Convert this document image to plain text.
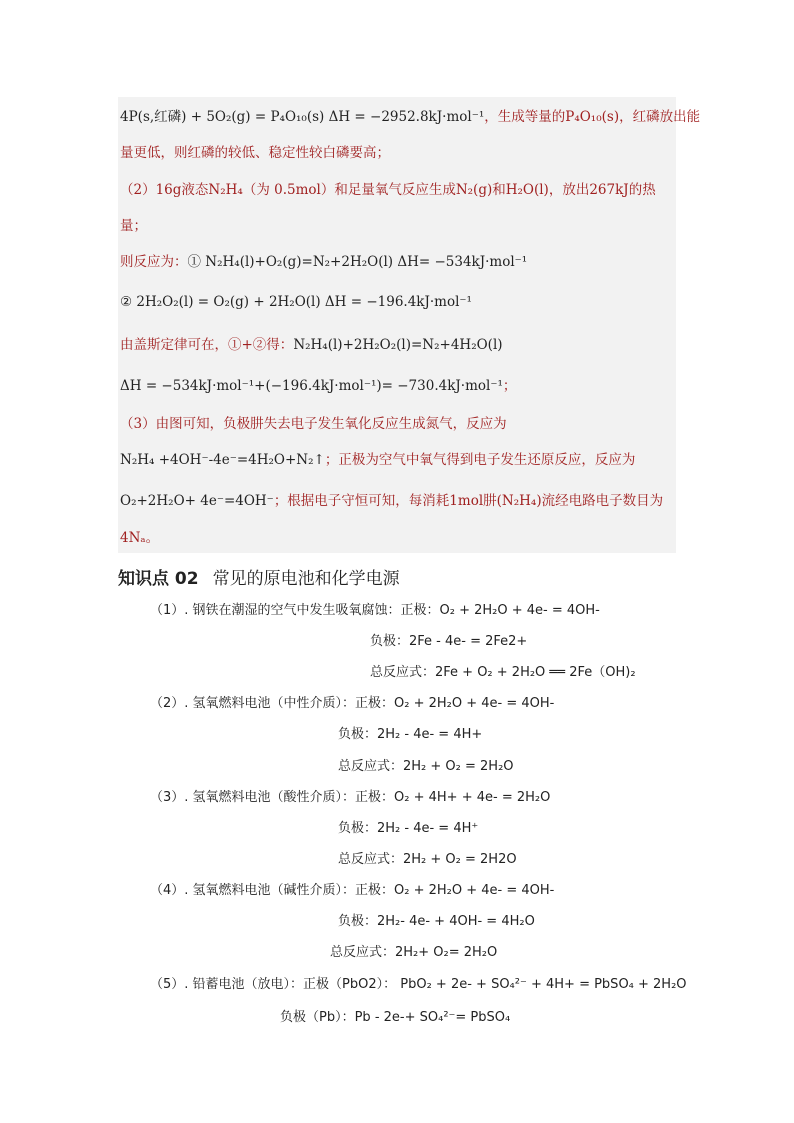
4P(s,红磷) + 5O₂(g) = P₄O₁₀(s) ΔH = −2952.8kJ·mol⁻¹，生成等量的P₄O₁₀(s)，红磷放出能
量更低，则红磷的较低、稳定性较白磷要高；
（2）16g液态N₂H₄（为 0.5mol）和足量氧气反应生成N₂(g)和H₂O(l)，放出267kJ的热
量；
则反应为：① N₂H₄(l)+O₂(g)=N₂+2H₂O(l) ΔH= −534kJ·mol⁻¹
② 2H₂O₂(l) = O₂(g) + 2H₂O(l) ΔH = −196.4kJ·mol⁻¹
由盖斯定律可在，①+②得：N₂H₄(l)+2H₂O₂(l)=N₂+4H₂O(l)
ΔH = −534kJ·mol⁻¹+(−196.4kJ·mol⁻¹)= −730.4kJ·mol⁻¹；
（3）由图可知，负极肼失去电子发生氧化反应生成氮气，反应为
N₂H₄ +4OH⁻-4e⁻=4H₂O+N₂↑；正极为空气中氧气得到电子发生还原反应，反应为
O₂+2H₂O+ 4e⁻=4OH⁻；根据电子守恒可知，每消耗1mol肼(N₂H₄)流经电路电子数目为
4Nₐ。
知识点 02 常见的原电池和化学电源
（1）. 钢铁在潮湿的空气中发生吸氧腐蚀：正极：O₂ + 2H₂O + 4e- = 4OH-
负极：2Fe - 4e- = 2Fe2+
总反应式：2Fe + O₂ + 2H₂O ══ 2Fe（OH)₂
（2）. 氢氧燃料电池（中性介质）：正极：O₂ + 2H₂O + 4e- = 4OH-
负极：2H₂ - 4e- = 4H+
总反应式：2H₂ + O₂ = 2H₂O
（3）. 氢氧燃料电池（酸性介质）：正极：O₂ + 4H+ + 4e- = 2H₂O
负极：2H₂ - 4e- = 4H⁺
总反应式：2H₂ + O₂ = 2H2O
（4）. 氢氧燃料电池（碱性介质）：正极：O₂ + 2H₂O + 4e- = 4OH-
负极：2H₂- 4e- + 4OH- = 4H₂O
总反应式：2H₂+ O₂= 2H₂O
（5）. 铅蓄电池（放电）：正极（PbO2）： PbO₂ + 2e- + SO₄²⁻ + 4H+ = PbSO₄ + 2H₂O
负极（Pb）：Pb - 2e-+ SO₄²⁻= PbSO₄
